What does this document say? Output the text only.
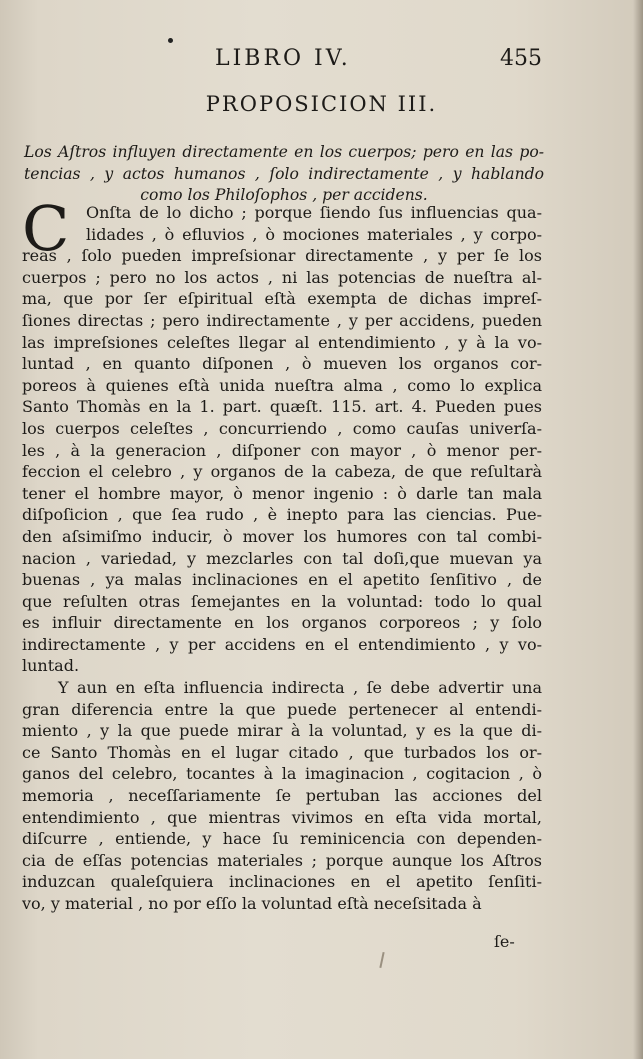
LIBRO IV.	455
PROPOSICION III.
Los Aſtros influyen directamente en los cuerpos; pero en las po-
tencias , y actos humanos , ſolo indirectamente , y hablando
como los Philoſophos , per accidens.
C	Onſta de lo dicho ; porque ſiendo ſus influencias qua-
lidades , ò efluvios , ò mociones materiales , y corpo-
reas , ſolo pueden impreſsionar directamente , y per ſe los
cuerpos ; pero no los actos , ni las potencias de nueſtra al-
ma, que por ſer eſpiritual eſtà exempta de dichas impreſ-
ſiones directas ; pero indirectamente , y per accidens, pueden
las impreſsiones celeſtes llegar al entendimiento , y à la vo-
luntad , en quanto diſponen , ò mueven los organos cor-
poreos à quienes eſtà unida nueſtra alma , como lo explica
Santo Thomàs en la 1. part. quæſt. 115. art. 4. Pueden pues
los cuerpos celeſtes , concurriendo , como cauſas univerſa-
les , à la generacion , diſponer con mayor , ò menor per-
feccion el celebro , y organos de la cabeza, de que reſultarà
tener el hombre mayor, ò menor ingenio : ò darle tan mala
diſpoſicion , que ſea rudo , è inepto para las ciencias. Pue-
den aſsimiſmo inducir, ò mover los humores con tal combi-
nacion , variedad, y mezclarles con tal doſi,que muevan ya
buenas , ya malas inclinaciones en el apetito ſenſitivo , de
que reſulten otras ſemejantes en la voluntad: todo lo qual
es influir directamente en los organos corporeos ; y ſolo
indirectamente , y per accidens en el entendimiento , y vo-
luntad.
Y aun en eſta influencia indirecta , ſe debe advertir una
gran diferencia entre la que puede pertenecer al entendi-
miento , y la que puede mirar à la voluntad, y es la que di-
ce Santo Thomàs en el lugar citado , que turbados los or-
ganos del celebro, tocantes à la imaginacion , cogitacion , ò
memoria , neceſſariamente ſe pertuban las acciones del
entendimiento , que mientras vivimos en eſta vida mortal,
diſcurre , entiende, y hace ſu reminicencia con dependen-
cia de eſſas potencias materiales ; porque aunque los Aſtros
induzcan qualeſquiera inclinaciones en el apetito ſenſiti-
vo, y material , no por eſſo la voluntad eſtà neceſsitada à
ſe-
